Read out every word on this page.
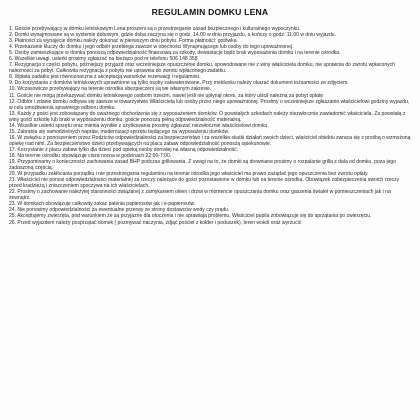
REGULAMIN DOMKU LENA

1. Goście przebywający w domku letniskowym Lena proszeni są o przestrzeganie zasad bezpiecznego i kulturalnego wypoczynku.

2. Domki wynajmowane są w systemie dobowym, gdzie doba zaczyna się o godz. 14.00 w dniu przyjazdu, a kończy o godz. 11.00 w dniu wyjazdu.

3. Płatności za wynajęcie domku należy dokonać w pierwszym dniu pobytu. Forma płatności: gotówka.

4. Przekazanie kluczy do domku i jego odbiór przebiega zawsze w obecności Wynajmującego lub osoby do tego upoważnionej.

5. Osoby zamieszkujące w domku ponoszą odpowiedzialność finansową za szkody, dewastacje bądź brak wyposażenia domku i na terenie ośrodka.

6. Wszelkie uwagi, usterki prosimy zgłaszać na bieżąco pod nr telefonu 506 148 358

7. Rezygnacja z części pobytu, późniejszy przyjazd oraz wcześniejsze opuszczenie domku, spowodowane nie z winy właściciela domku, nie uprawnia do zwrotu wpłaconych należności za pobyt. Całkowita rezygnacja z pobytu nie uprawnia do zwrotu wpłaconego zadatku.

8. Wpłata zadatku jest równoznaczna z akceptacją warunków rezerwacji i regulaminu.

9. Do korzystania z domków letniskowych uprawnione są tylko osoby zakwaterowane. Przy meldunku należy okazać dokument tożsamości ze zdjęciem.

10. Wczasowicze przebywający na terenie ośrodka ubezpieczeni są we własnym zakresie.

11. Goście nie mogą przekazywać domku letniskowego osobom trzecim, nawet jeśli nie upłynął okres, za który uiścił należną za pobyt opłatę

12. Odbiór i zdanie domku odbywa się zawsze w towarzystwie Właściciela lub osoby przez niego upoważnionej. Prosimy o wcześniejsze zgłaszanie właścicielowi godziny wyjazdu, w celu umożliwienia sprawnego odbioru domku.

13. Każdy z gości jest zobowiązany do uważnego obchodzenia się z wyposażeniem domków. O powstałych szkodach należy niezwłocznie zawiadomić właściciela. Za powstałą z winy gości szkodę lub braki w wyposażeniu domku, goście ponoszą pełną odpowiedzialność materialną.

14. Wszelkie usterki sprzętu oraz mienia wynikłe z użytkowania prosimy zgłaszać niezwłocznie właścicielowi domku.

15. Zabrania się samodzielnych napraw, modernizacji sprzętu będącego na wyposażeniu domków.

16. W związku z ponoszeniem przez Rodziców odpowiedzialności za bezpieczeństwo i za wszelkie skutki działań swoich dzieci, właściciel obiektu zwraca się z prośbą o wzmożoną opiekę nad nimi. Za bezpieczeństwo dzieci przebywających na placu zabaw odpowiedzialność ponoszą opiekunowie.

17. Korzystanie z placu zabaw tylko dla dzieci pod opieką osoby dorosłej na własną odpowiedzialność.

18. Na terenie ośrodku obowiązuje cisza nocna w godzinach 22:00-7:00.

19. Przypominamy o konieczności zachowania zasad BHP podczas grillowania. Z uwagi na to, że domki są drewniane prosimy o rozpalanie grilla z dala od domku, poza jego zadaszoną częścią.

20. W przypadku zakłócania porządku i nie przestrzegania regulaminu na terenie ośrodka jego właściciel ma prawo zażądać jego opuszczenia bez zwrotu opłaty.

21. Właściciel nie ponosi odpowiedzialności materialnej za rzeczy należące do gości pozostawione w domku lub na terenie ośrodka. Obowiązek zabezpieczenia swoich rzeczy przed kradzieżą i zniszczeniem spoczywa na ich właścicielach.

22. Prosimy o zachowanie należytej staranności związanej z zamykaniem okien i drzwi w momencie opuszczania domku oraz gaszenia świateł w pomieszczeniach jak i na zewnątrz.

23. W domkach obowiązuje całkowity zakaz palenia papierosów jak i e-papierosów.

24. Nie ponosimy odpowiedzialności za ewentualne przerwy ze strony dostawców wody czy prądu.

25. Akceptujemy zwierzęta, pod warunkiem że są przyjazne dla otoczenia i nie sprawiają problemu, Właściciel pupila zobowiązuje się do sprzątania po zwierzęciu.

26. Przed wyjazdem należy posprzątać domek ( pozmywać naczynia, zdjąć pościel z kołder i poduszek), teren wokół oraz wyrzucić
